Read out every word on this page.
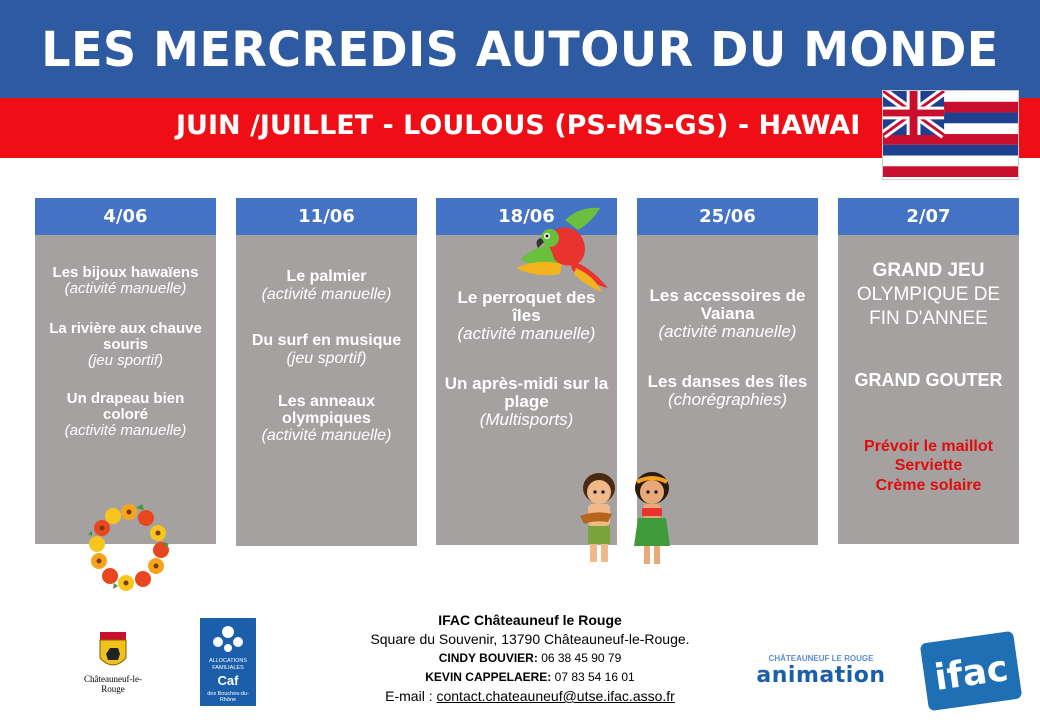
LES MERCREDIS AUTOUR DU MONDE
JUIN /JUILLET - LOULOUS (PS-MS-GS) - HAWAI
4/06
Les bijoux hawaïens
(activité manuelle)
La rivière aux chauve souris
(jeu sportif)
Un drapeau bien coloré
(activité manuelle)
11/06
Le palmier
(activité manuelle)
Du surf en musique
(jeu sportif)
Les anneaux olympiques
(activité manuelle)
18/06
Le perroquet des îles
(activité manuelle)
Un après-midi sur la plage
(Multisports)
25/06
Les accessoires de Vaiana
(activité manuelle)
Les danses des îles
(chorégraphies)
2/07
GRAND JEU
OLYMPIQUE DE FIN D'ANNEE
GRAND GOUTER
Prévoir le maillot
Serviette
Crème solaire
IFAC Châteauneuf le Rouge
Square du Souvenir, 13790 Châteauneuf-le-Rouge.
CINDY BOUVIER: 06 38 45 90 79
KEVIN CAPPELAERE: 07 83 54 16 01
E-mail : contact.chateauneuf@utse.ifac.asso.fr
Châteauneuf-le-Rouge
ALLOCATIONS FAMILIALES
Caf
des Bouches-du-Rhône
CHÂTEAUNEUF LE ROUGE
animation ifac
